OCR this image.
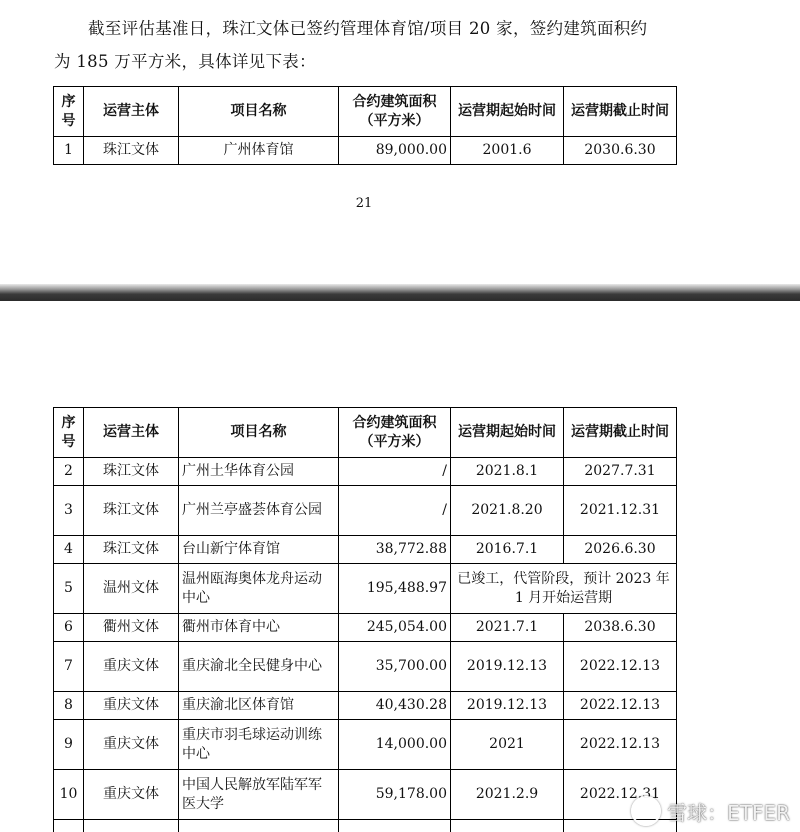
截至评估基准日，珠江文体已签约管理体育馆/项目 20 家，签约建筑面积约
为 185 万平方米，具体详见下表：
序号	运营主体	项目名称	合约建筑面积（平方米）	运营期起始时间	运营期截止时间
1	珠江文体	广州体育馆	89,000.00	2001.6	2030.6.30
21
序号	运营主体	项目名称	合约建筑面积（平方米）	运营期起始时间	运营期截止时间
2	珠江文体	广州土华体育公园	/	2021.8.1	2027.7.31
3	珠江文体	广州兰亭盛荟体育公园	/	2021.8.20	2021.12.31
4	珠江文体	台山新宁体育馆	38,772.88	2016.7.1	2026.6.30
5	温州文体	温州瓯海奥体龙舟运动中心	195,488.97	已竣工，代管阶段，预计 2023 年 1 月开始运营期	
6	衢州文体	衢州市体育中心	245,054.00	2021.7.1	2038.6.30
7	重庆文体	重庆渝北全民健身中心	35,700.00	2019.12.13	2022.12.13
8	重庆文体	重庆渝北区体育馆	40,430.28	2019.12.13	2022.12.13
9	重庆文体	重庆市羽毛球运动训练中心	14,000.00	2021	2022.12.13
10	重庆文体	中国人民解放军陆军军医大学	59,178.00	2021.2.9	2022.12.31

雪球：ETFER
